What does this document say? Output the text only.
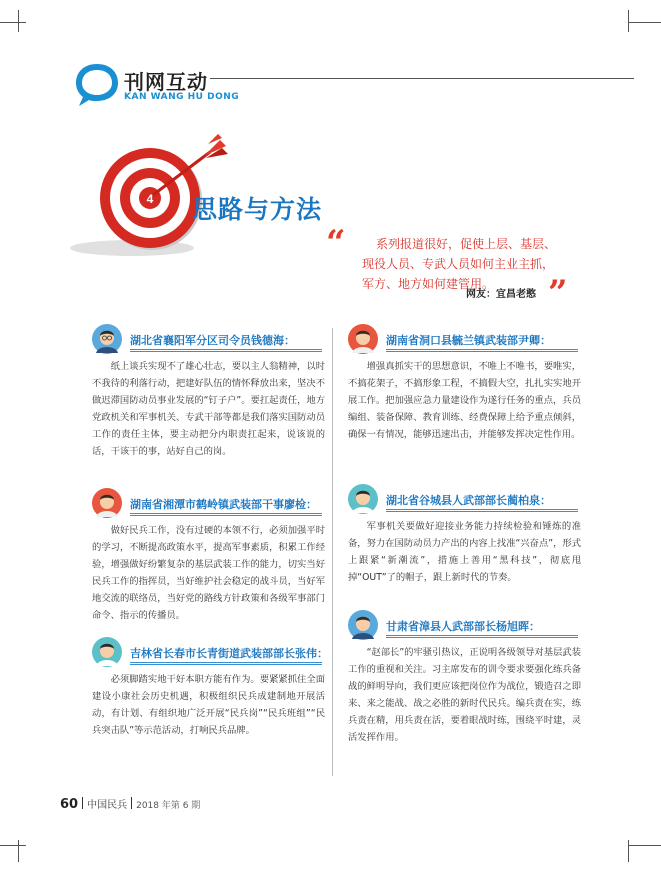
刊网互动
KAN WANG HU DONG
4 思路与方法
“	系列报道很好，促使上层、基层、
现役人员、专武人员如何主业主抓，
军方、地方如何建管用。
网友：宜昌老憨 ”
湖北省襄阳军分区司令员钱德海：
纸上谈兵实现不了雄心壮志，要以主人翁精神，以时不我待的利落行动，把建好队伍的情怀释放出来，坚决不做迟滞国防动员事业发展的“钉子户”。要扛起责任，地方党政机关和军事机关、专武干部等都是我们落实国防动员工作的责任主体，要主动把分内职责扛起来，说该说的话，干该干的事，站好自己的岗。
湖南省湘潭市鹤岭镇武装部干事廖检：
做好民兵工作，没有过硬的本领不行，必须加强平时的学习，不断提高政策水平，提高军事素质，积累工作经验，增强做好纷繁复杂的基层武装工作的能力，切实当好民兵工作的指挥员，当好维护社会稳定的战斗员，当好军地交流的联络员，当好党的路线方针政策和各级军事部门命令、指示的传播员。
吉林省长春市长青街道武装部部长张伟：
必须脚踏实地干好本职方能有作为。要紧紧抓住全面建设小康社会历史机遇，积极组织民兵成建制地开展活动，有计划、有组织地广泛开展“民兵岗”“民兵班组”“民兵突击队”等示范活动，打响民兵品牌。
湖南省洞口县毓兰镇武装部尹卿：
增强真抓实干的思想意识，不唯上不唯书，要唯实，不搞花架子，不搞形象工程，不搞假大空，扎扎实实地开展工作。把加强应急力量建设作为遂行任务的重点，兵员编组、装备保障、教育训练、经费保障上给予重点倾斜，确保一有情况，能够迅速出击，并能够发挥决定性作用。
湖北省谷城县人武部部长蔺柏泉：
军事机关要做好迎接业务能力持续检验和锤炼的准备，努力在国防动员力产出的内容上找准“兴奋点”，形式上跟紧“新潮流”，措施上善用“黑科技”，彻底甩掉“OUT”了的帽子，跟上新时代的节奏。
甘肃省漳县人武部部长杨旭晖：
“赵部长”的牢骚引热议，正说明各级领导对基层武装工作的重视和关注。习主席发布的训令要求要强化练兵备战的鲜明导向，我们更应该把岗位作为战位，锻造召之即来、来之能战、战之必胜的新时代民兵。编兵责在实，练兵责在精，用兵责在活，要着眼战时练，围绕平时建，灵活发挥作用。
60 中国民兵 2018 年第 6 期
